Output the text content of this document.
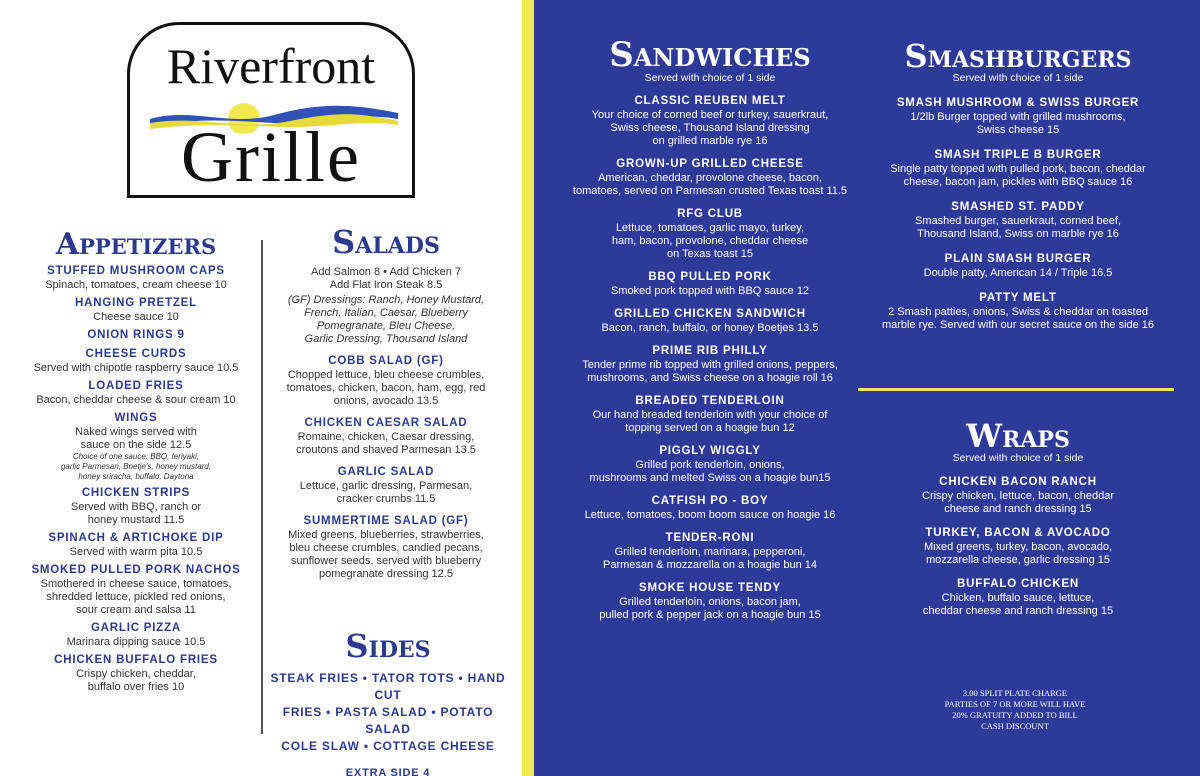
Riverfront
Grille
Appetizers
STUFFED MUSHROOM CAPS
Spinach, tomatoes, cream cheese 10
HANGING PRETZEL
Cheese sauce 10
ONION RINGS 9
CHEESE CURDS
Served with chipotle raspberry sauce 10.5
LOADED FRIES
Bacon, cheddar cheese & sour cream 10
WINGS
Naked wings served with
sauce on the side 12.5
Choice of one sauce: BBQ, teriyaki,
garlic Parmesan, Boetje's, honey mustard,
honey sriracha, buffalo, Daytona
CHICKEN STRIPS
Served with BBQ, ranch or
honey mustard 11.5
SPINACH & ARTICHOKE DIP
Served with warm pita 10.5
SMOKED PULLED PORK NACHOS
Smothered in cheese sauce, tomatoes,
shredded lettuce, pickled red onions,
sour cream and salsa 11
GARLIC PIZZA
Marinara dipping sauce 10.5
CHICKEN BUFFALO FRIES
Crispy chicken, cheddar,
buffalo over fries 10
Salads
Add Salmon 8 • Add Chicken 7
Add Flat Iron Steak 8.5
(GF) Dressings: Ranch, Honey Mustard,
French, Italian, Caesar, Blueberry
Pomegranate, Bleu Cheese,
Garlic Dressing, Thousand Island
COBB SALAD (GF)
Chopped lettuce, bleu cheese crumbles,
tomatoes, chicken, bacon, ham, egg, red
onions, avocado 13.5
CHICKEN CAESAR SALAD
Romaine, chicken, Caesar dressing,
croutons and shaved Parmesan 13.5
GARLIC SALAD
Lettuce, garlic dressing, Parmesan,
cracker crumbs 11.5
SUMMERTIME SALAD (GF)
Mixed greens, blueberries, strawberries,
bleu cheese crumbles, candied pecans,
sunflower seeds, served with blueberry
pomegranate dressing 12.5
Sides
STEAK FRIES • TATOR TOTS • HAND CUT
FRIES • PASTA SALAD • POTATO SALAD
COLE SLAW • COTTAGE CHEESE
EXTRA SIDE 4
Sandwiches
Served with choice of 1 side
CLASSIC REUBEN MELT
Your choice of corned beef or turkey, sauerkraut,
Swiss cheese, Thousand Island dressing
on grilled marble rye 16
GROWN-UP GRILLED CHEESE
American, cheddar, provolone cheese, bacon,
tomatoes, served on Parmesan crusted Texas toast 11.5
RFG CLUB
Lettuce, tomatoes, garlic mayo, turkey,
ham, bacon, provolone, cheddar cheese
on Texas toast 15
BBQ PULLED PORK
Smoked pork topped with BBQ sauce 12
GRILLED CHICKEN SANDWICH
Bacon, ranch, buffalo, or honey Boetjes 13.5
PRIME RIB PHILLY
Tender prime rib topped with grilled onions, peppers,
mushrooms, and Swiss cheese on a hoagie roll 16
BREADED TENDERLOIN
Our hand breaded tenderloin with your choice of
topping served on a hoagie bun 12
PIGGLY WIGGLY
Grilled pork tenderloin, onions,
mushrooms and melted Swiss on a hoagie bun15
CATFISH PO - BOY
Lettuce, tomatoes, boom boom sauce on hoagie 16
TENDER-RONI
Grilled tenderloin, marinara, pepperoni,
Parmesan & mozzarella on a hoagie bun 14
SMOKE HOUSE TENDY
Grilled tenderloin, onions, bacon jam,
pulled pork & pepper jack on a hoagie bun 15
Smashburgers
Served with choice of 1 side
SMASH MUSHROOM & SWISS BURGER
1/2lb Burger topped with grilled mushrooms,
Swiss cheese 15
SMASH TRIPLE B BURGER
Single patty topped with pulled pork, bacon, cheddar
cheese, bacon jam, pickles with BBQ sauce 16
SMASHED ST. PADDY
Smashed burger, sauerkraut, corned beef,
Thousand Island, Swiss on marble rye 16
PLAIN SMASH BURGER
Double patty, American 14 / Triple 16.5
PATTY MELT
2 Smash patties, onions, Swiss & cheddar on toasted
marble rye. Served with our secret sauce on the side 16
Wraps
Served with choice of 1 side
CHICKEN BACON RANCH
Crispy chicken, lettuce, bacon, cheddar
cheese and ranch dressing 15
TURKEY, BACON & AVOCADO
Mixed greens, turkey, bacon, avocado,
mozzarella cheese, garlic dressing 15
BUFFALO CHICKEN
Chicken, buffalo sauce, lettuce,
cheddar cheese and ranch dressing 15
3.00 SPLIT PLATE CHARGE
PARTIES OF 7 OR MORE WILL HAVE
20% GRATUITY ADDED TO BILL
CASH DISCOUNT
